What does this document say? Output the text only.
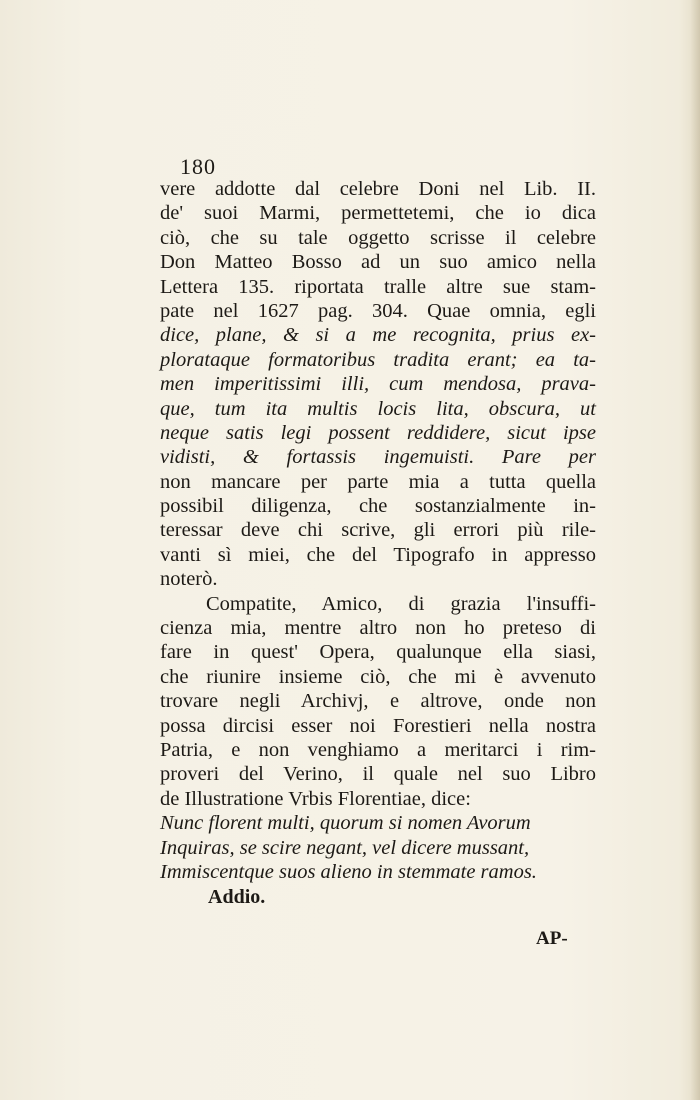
180
vere addotte dal celebre Doni nel Lib. II.
de' suoi Marmi, permettetemi, che io dica
ciò, che su tale oggetto scrisse il celebre
Don Matteo Bosso ad un suo amico nella
Lettera 135. riportata tralle altre sue stam-
pate nel 1627 pag. 304. Quae omnia, egli
dice, plane, & si a me recognita, prius ex-
plorataque formatoribus tradita erant; ea ta-
men imperitissimi illi, cum mendosa, prava-
que, tum ita multis locis lita, obscura, ut
neque satis legi possent reddidere, sicut ipse
vidisti, & fortassis ingemuisti. Pare per
non mancare per parte mia a tutta quella
possibil diligenza, che sostanzialmente in-
teressar deve chi scrive, gli errori più rile-
vanti sì miei, che del Tipografo in appresso
noterò.
Compatite, Amico, di grazia l'insuffi-
cienza mia, mentre altro non ho preteso di
fare in quest' Opera, qualunque ella siasi,
che riunire insieme ciò, che mi è avvenuto
trovare negli Archivj, e altrove, onde non
possa dircisi esser noi Forestieri nella nostra
Patria, e non venghiamo a meritarci i rim-
proveri del Verino, il quale nel suo Libro
de Illustratione Vrbis Florentiae, dice:
Nunc florent multi, quorum si nomen Avorum
Inquiras, se scire negant, vel dicere mussant,
Immiscentque suos alieno in stemmate ramos.
Addio.
AP-
